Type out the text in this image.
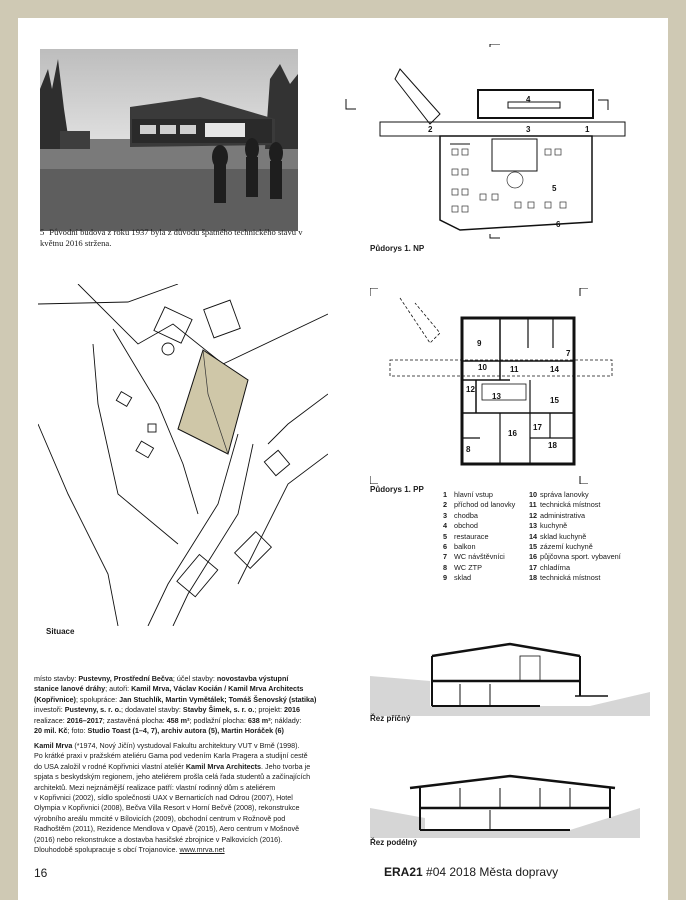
5 Původní budova z roku 1937 byla z důvodu špatného technického stavu v květnu 2016 stržena.
1
2	3
4
5
6
Půdorys 1. NP
Situace
7
8
9
10	11
12
13
14
15
16
17
18
Půdorys 1. PP
1 hlavní vstup
2 příchod od lanovky
3 chodba
4 obchod
5 restaurace
6 balkon
7 WC návštěvníci
8 WC ZTP
9 sklad
10 správa lanovky
11 technická místnost
12 administrativa
13 kuchyně
14 sklad kuchyně
15 zázemí kuchyně
16 půjčovna sport. vybavení
17 chladírna
18 technická místnost
Řez příčný
Řez podélný
místo stavby: Pustevny, Prostřední Bečva; účel stavby: novostavba výstupní
stanice lanové dráhy; autoři: Kamil Mrva, Václav Kocián / Kamil Mrva Architects
(Kopřivnice); spolupráce: Jan Stuchlík, Martin Vymětálek; Tomáš Šenovský (statika)
investoři: Pustevny, s. r. o.; dodavatel stavby: Stavby Šimek, s. r. o.; projekt: 2016
realizace: 2016–2017; zastavěná plocha: 458 m²; podlažní plocha: 638 m²; náklady:
20 mil. Kč; foto: Studio Toast (1–4, 7), archiv autora (5), Martin Horáček (6)
Kamil Mrva (*1974, Nový Jičín) vystudoval Fakultu architektury VUT v Brně (1998).
Po krátké praxi v pražském ateliéru Gama pod vedením Karla Pragera a studijní cestě
do USA založil v rodné Kopřivnici vlastní ateliér Kamil Mrva Architects. Jeho tvorba je
spjata s beskydským regionem, jeho ateliérem prošla celá řada studentů a začínajících
architektů. Mezi nejznámější realizace patří: vlastní rodinný dům s ateliérem
v Kopřivnici (2002), sídlo společnosti UAX v Bernarticích nad Odrou (2007), Hotel
Olympia v Kopřivnici (2008), Bečva Villa Resort v Horní Bečvě (2008), rekonstrukce
výrobního areálu mmcité v Bílovicích (2009), obchodní centrum v Rožnově pod
Radhoštěm (2011), Rezidence Mendlova v Opavě (2015), Aero centrum v Mošnově
(2016) nebo rekonstrukce a dostavba hasičské zbrojnice v Palkovicích (2016).
Dlouhodobě spolupracuje s obcí Trojanovice. www.mrva.net
16	ERA21 #04 2018 Města dopravy
